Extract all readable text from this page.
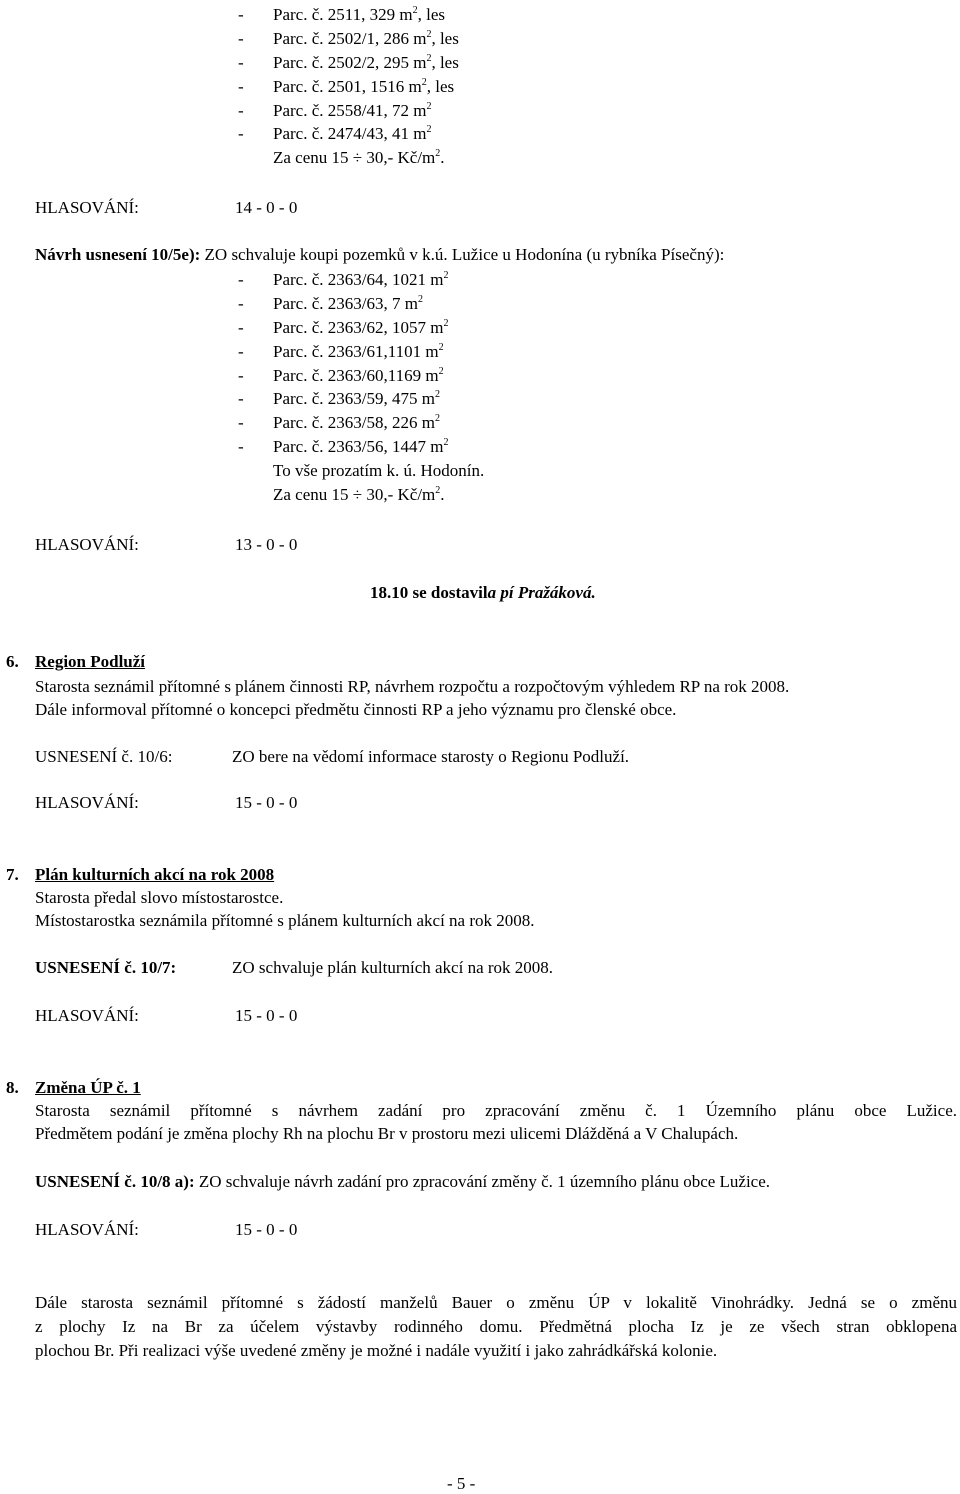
- Parc. č. 2511, 329 $m^2$, les
- Parc. č. 2502/1, 286 $m^2$, les
- Parc. č. 2502/2, 295 $m^2$, les
- Parc. č. 2501, 1516 $m^2$, les
- Parc. č. 2558/41, 72 $m^2$
- Parc. č. 2474/43, 41 $m^2$
Za cenu 15 ÷ 30,- $Kč/m^2$.
HLASOVÁNÍ:	14 - 0 - 0
Návrh usnesení 10/5e): ZO schvaluje koupi pozemků v k.ú. Lužice u Hodonína (u rybníka Písečný):
- Parc. č. 2363/64, 1021 $m^2$
- Parc. č. 2363/63, 7 $m^2$
- Parc. č. 2363/62, 1057 $m^2$
- Parc. č. 2363/61,1101 $m^2$
- Parc. č. 2363/60,1169 $m^2$
- Parc. č. 2363/59, 475 $m^2$
- Parc. č. 2363/58, 226 $m^2$
- Parc. č. 2363/56, 1447 $m^2$
To vše prozatím k. ú. Hodonín.
Za cenu 15 ÷ 30,- $Kč/m^2$.
HLASOVÁNÍ:	13 - 0 - 0
18.10 se dostavila pí Pražáková.
6. Region Podluží
Starosta seznámil přítomné s plánem činnosti RP, návrhem rozpočtu a rozpočtovým výhledem RP na rok 2008.
Dále informoval přítomné o koncepci předmětu činnosti RP a jeho významu pro členské obce.
USNESENÍ č. 10/6:	ZO bere na vědomí informace starosty o Regionu Podluží.
HLASOVÁNÍ:	15 - 0 - 0
7. Plán kulturních akcí na rok 2008
Starosta předal slovo místostarostce.
Místostarostka seznámila přítomné s plánem kulturních akcí na rok 2008.
USNESENÍ č. 10/7:	ZO schvaluje plán kulturních akcí na rok 2008.
HLASOVÁNÍ:	15 - 0 - 0
8. Změna ÚP č. 1
Starosta seznámil přítomné s návrhem zadání pro zpracování změnu č. 1 Územního plánu obce Lužice.
Předmětem podání je změna plochy Rh na plochu Br v prostoru mezi ulicemi Dlážděná a V Chalupách.
USNESENÍ č. 10/8 a): ZO schvaluje návrh zadání pro zpracování změny č. 1 územního plánu obce Lužice.
HLASOVÁNÍ:	15 - 0 - 0
Dále starosta seznámil přítomné s žádostí manželů Bauer o změnu ÚP v lokalitě Vinohrádky. Jedná se o změnu
z plochy Iz na Br za účelem výstavby rodinného domu. Předmětná plocha Iz je ze všech stran obklopena
plochou Br. Při realizaci výše uvedené změny je možné i nadále využití i jako zahrádkářská kolonie.
- 5 -
